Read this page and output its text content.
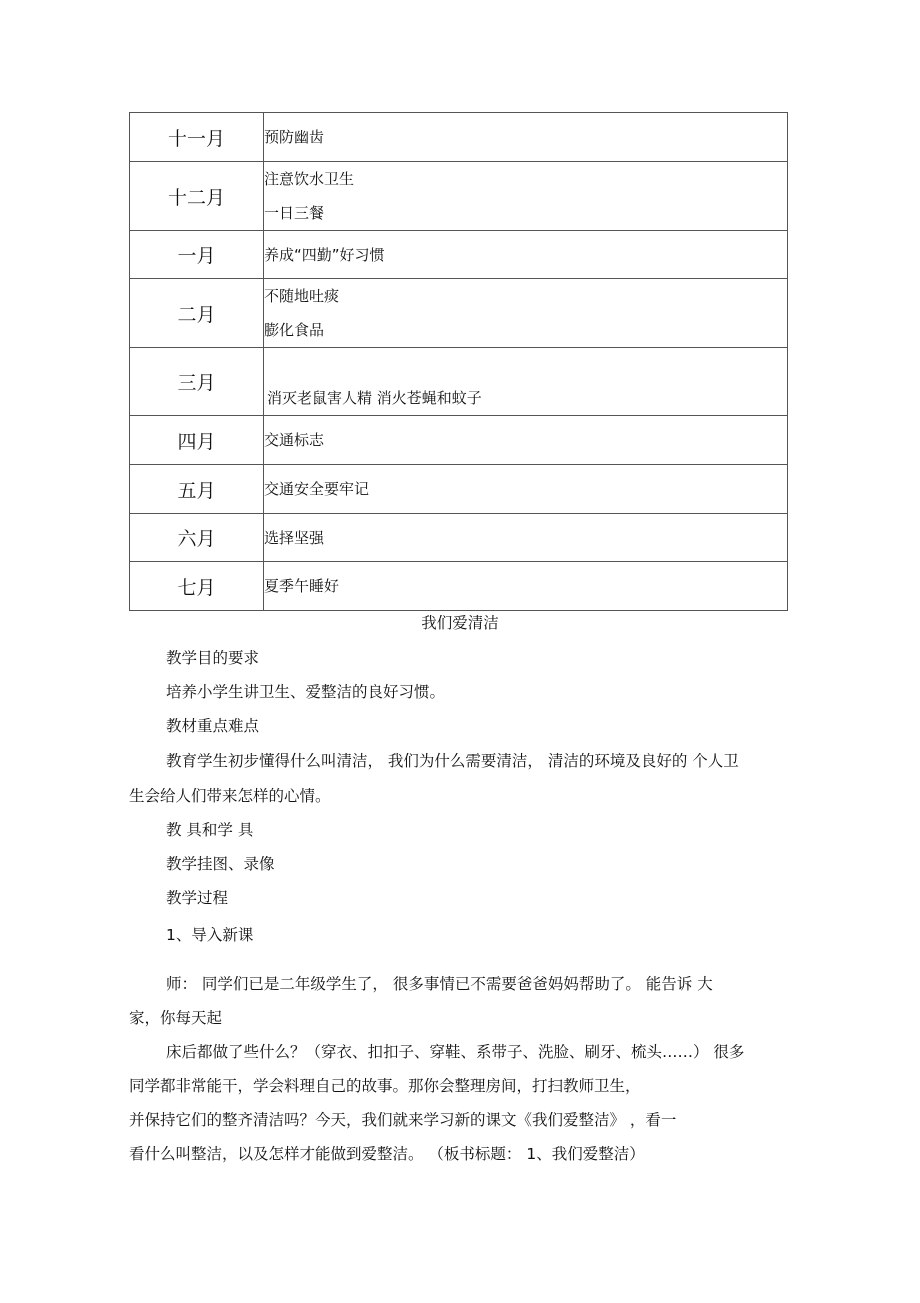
十一月	预防幽齿

十二月	注意饮水卫生
一日三餐

一月	养成“四勤”好习惯

二月	不随地吐痰
膨化食品

三月	消灭老鼠害人精 消火苍蝇和蚊子

四月	交通标志

五月	交通安全要牢记

六月	选择坚强

七月	夏季午睡好
我们爱清洁
教学目的要求
培养小学生讲卫生、爱整洁的良好习惯。
教材重点难点
教育学生初步懂得什么叫清洁， 我们为什么需要清洁， 清洁的环境及良好的 个人卫
生会给人们带来怎样的心情。
教 具和学 具
教学挂图、录像
教学过程
1、导入新课
师： 同学们已是二年级学生了， 很多事情已不需要爸爸妈妈帮助了。 能告诉 大
家，你每天起
床后都做了些什么？（穿衣、扣扣子、穿鞋、系带子、洗脸、刷牙、梳头……） 很多
同学都非常能干，学会料理自己的故事。那你会整理房间，打扫教师卫生，
并保持它们的整齐清洁吗？今天，我们就来学习新的课文《我们爱整洁》 ，看一
看什么叫整洁，以及怎样才能做到爱整洁。 （板书标题： 1、我们爱整洁）
